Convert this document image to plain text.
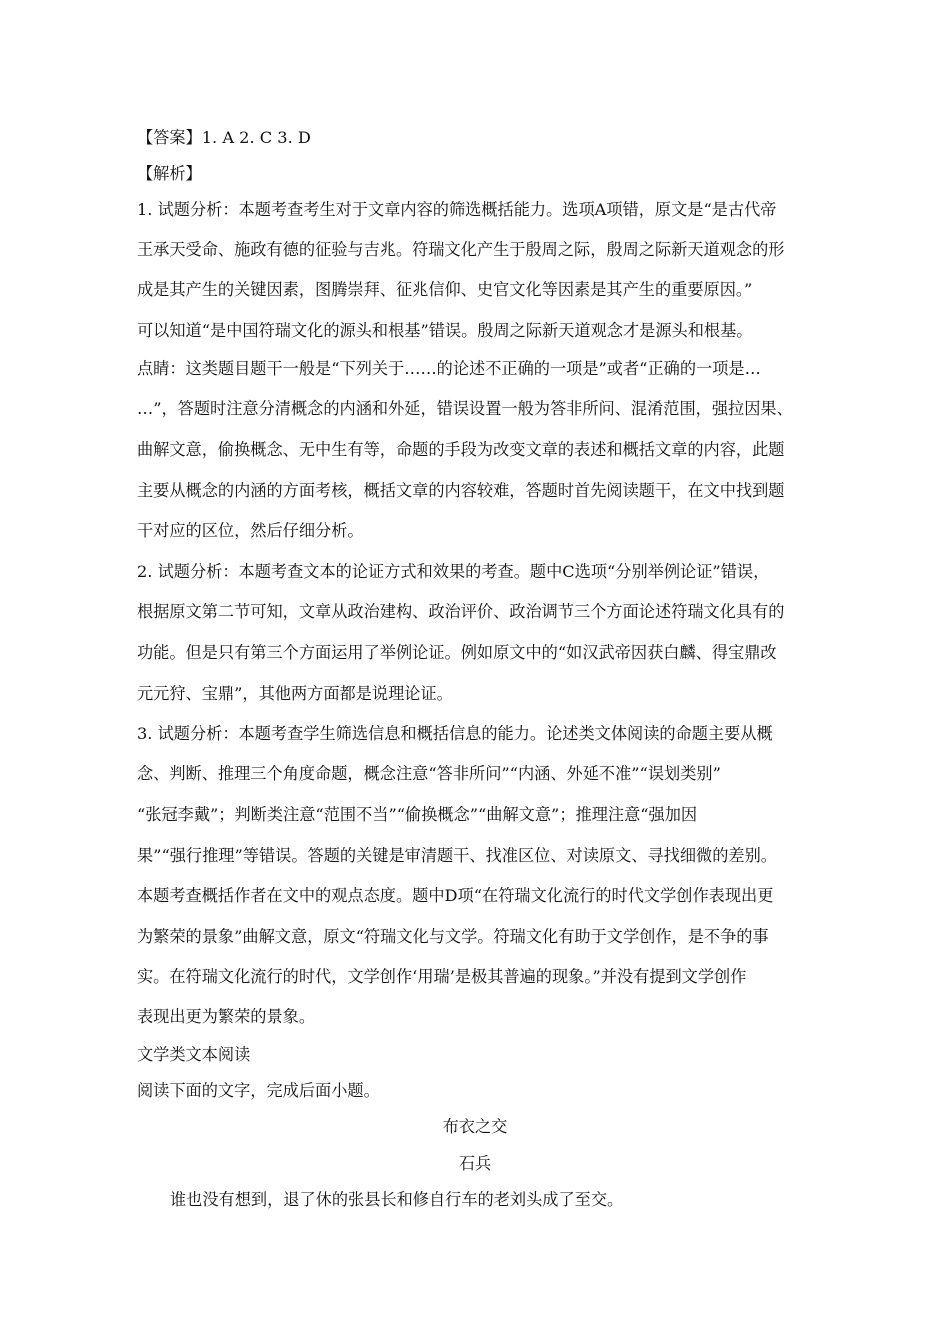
【答案】1. A 2. C 3. D
【解析】
1. 试题分析：本题考查考生对于文章内容的筛选概括能力。选项A项错，原文是“是古代帝
王承天受命、施政有德的征验与吉兆。符瑞文化产生于殷周之际，殷周之际新天道观念的形
成是其产生的关键因素，图腾崇拜、征兆信仰、史官文化等因素是其产生的重要原因。”
可以知道“是中国符瑞文化的源头和根基”错误。殷周之际新天道观念才是源头和根基。
点睛：这类题目题干一般是“下列关于……的论述不正确的一项是”或者“正确的一项是…
…”，答题时注意分清概念的内涵和外延，错误设置一般为答非所问、混淆范围，强拉因果、
曲解文意，偷换概念、无中生有等，命题的手段为改变文章的表述和概括文章的内容，此题
主要从概念的内涵的方面考核，概括文章的内容较难，答题时首先阅读题干，在文中找到题
干对应的区位，然后仔细分析。
2. 试题分析：本题考查文本的论证方式和效果的考查。题中C选项“分别举例论证”错误，
根据原文第二节可知，文章从政治建构、政治评价、政治调节三个方面论述符瑞文化具有的
功能。但是只有第三个方面运用了举例论证。例如原文中的“如汉武帝因获白麟、得宝鼎改
元元狩、宝鼎”，其他两方面都是说理论证。
3. 试题分析：本题考查学生筛选信息和概括信息的能力。论述类文体阅读的命题主要从概
念、判断、推理三个角度命题，概念注意“答非所问”“内涵、外延不准”“误划类别”
“张冠李戴”；判断类注意“范围不当”“偷换概念”“曲解文意”；推理注意“强加因
果”“强行推理”等错误。答题的关键是审清题干、找准区位、对读原文、寻找细微的差别。
本题考查概括作者在文中的观点态度。题中D项“在符瑞文化流行的时代文学创作表现出更
为繁荣的景象”曲解文意，原文“符瑞文化与文学。符瑞文化有助于文学创作，是不争的事
实。在符瑞文化流行的时代，文学创作‘用瑞’是极其普遍的现象。”并没有提到文学创作
表现出更为繁荣的景象。
文学类文本阅读
阅读下面的文字，完成后面小题。
布衣之交
石兵
谁也没有想到，退了休的张县长和修自行车的老刘头成了至交。
